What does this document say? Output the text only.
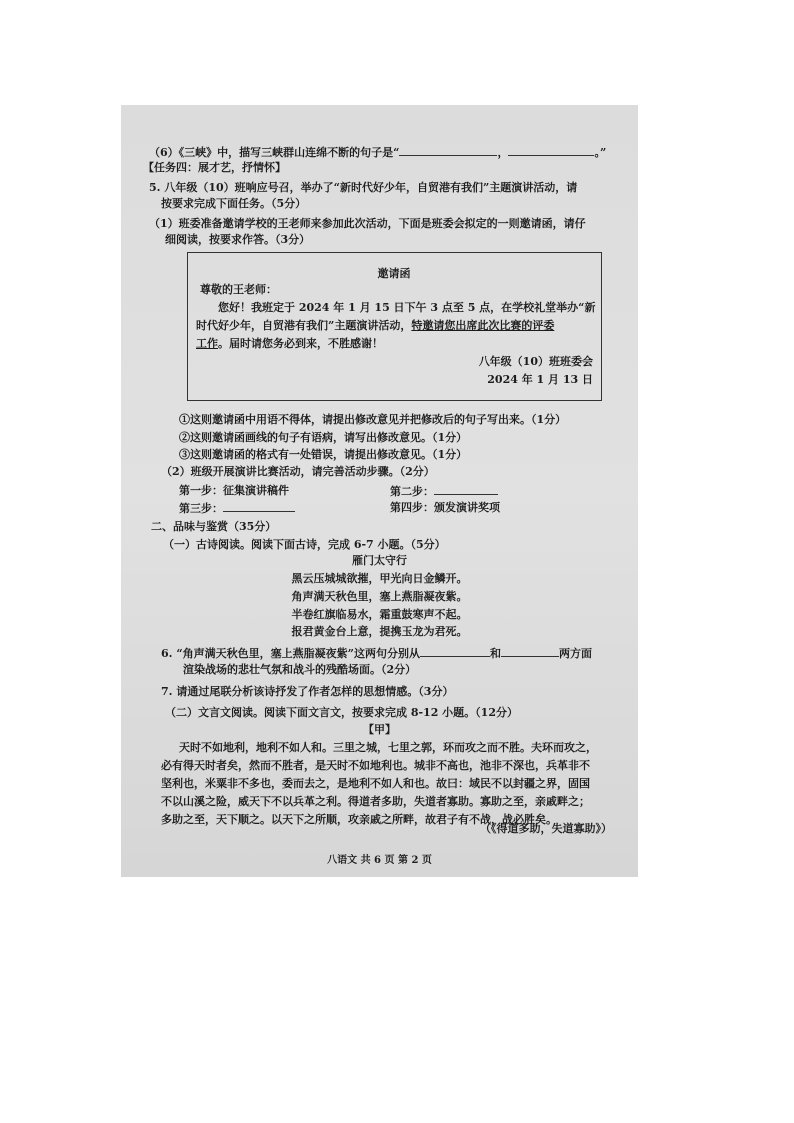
（6）《三峡》中，描写三峡群山连绵不断的句子是“	，	。”
【任务四：展才艺，抒情怀】
5. 八年级（10）班响应号召，举办了“新时代好少年，自贸港有我们”主题演讲活动，请
按要求完成下面任务。（5分）
（1）班委准备邀请学校的王老师来参加此次活动，下面是班委会拟定的一则邀请函，请仔
细阅读，按要求作答。（3分）
邀请函
尊敬的王老师：
您好！我班定于 2024 年 1 月 15 日下午 3 点至 5 点，在学校礼堂举办“新
时代好少年，自贸港有我们”主题演讲活动，特邀请您出席此次比赛的评委
工作。届时请您务必到来，不胜感谢！
八年级（10）班班委会
2024 年 1 月 13 日
①这则邀请函中用语不得体，请提出修改意见并把修改后的句子写出来。（1分）
②这则邀请函画线的句子有语病，请写出修改意见。（1分）
③这则邀请函的格式有一处错误，请提出修改意见。（1分）
（2）班级开展演讲比赛活动，请完善活动步骤。（2分）
第一步：征集演讲稿件	第二步：
第三步：	第四步：颁发演讲奖项
二、品味与鉴赏（35分）
（一）古诗阅读。阅读下面古诗，完成 6-7 小题。（5分）
雁门太守行
黑云压城城欲摧，甲光向日金鳞开。
角声满天秋色里，塞上燕脂凝夜紫。
半卷红旗临易水，霜重鼓寒声不起。
报君黄金台上意，提携玉龙为君死。
6. “角声满天秋色里，塞上燕脂凝夜紫”这两句分别从	和	两方面
渲染战场的悲壮气氛和战斗的残酷场面。（2分）
7. 请通过尾联分析该诗抒发了作者怎样的思想情感。（3分）
（二）文言文阅读。阅读下面文言文，按要求完成 8-12 小题。（12分）
【甲】
天时不如地利，地利不如人和。三里之城，七里之郭，环而攻之而不胜。夫环而攻之，
必有得天时者矣，然而不胜者，是天时不如地利也。城非不高也，池非不深也，兵革非不
坚利也，米粟非不多也，委而去之，是地利不如人和也。故曰：域民不以封疆之界，固国
不以山溪之险，威天下不以兵革之利。得道者多助，失道者寡助。寡助之至，亲戚畔之；
多助之至，天下顺之。以天下之所顺，攻亲戚之所畔，故君子有不战，战必胜矣。
（《得道多助，失道寡助》）
八语文 共 6 页 第 2 页
